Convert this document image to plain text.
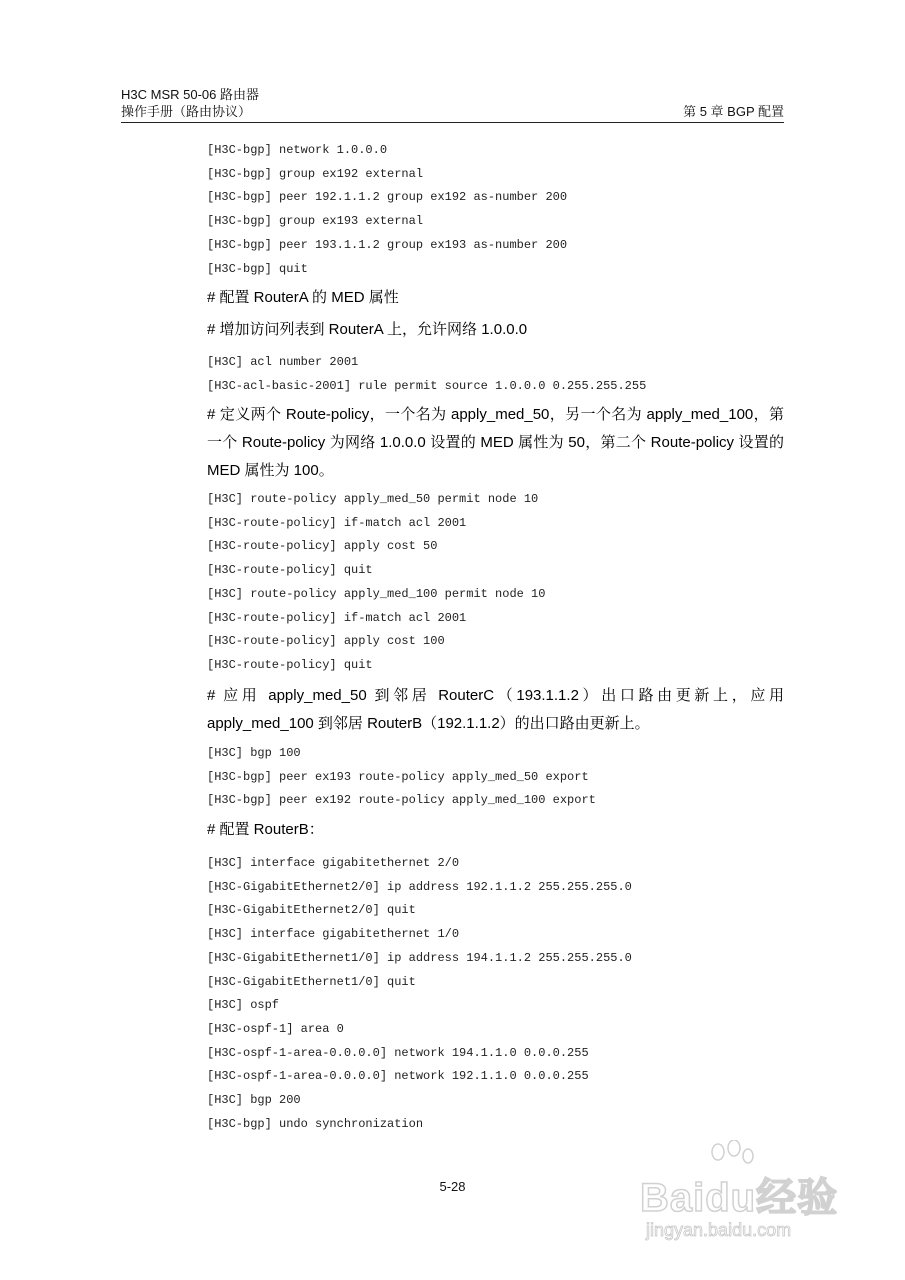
H3C MSR 50-06 路由器
操作手册（路由协议）	第 5 章 BGP 配置
[H3C-bgp] network 1.0.0.0
[H3C-bgp] group ex192 external
[H3C-bgp] peer 192.1.1.2 group ex192 as-number 200
[H3C-bgp] group ex193 external
[H3C-bgp] peer 193.1.1.2 group ex193 as-number 200
[H3C-bgp] quit
# 配置 RouterA 的 MED 属性
# 增加访问列表到 RouterA 上，允许网络 1.0.0.0
[H3C] acl number 2001
[H3C-acl-basic-2001] rule permit source 1.0.0.0 0.255.255.255
# 定义两个 Route-policy，一个名为 apply_med_50，另一个名为 apply_med_100，第一个 Route-policy 为网络 1.0.0.0 设置的 MED 属性为 50，第二个 Route-policy 设置的 MED 属性为 100。
[H3C] route-policy apply_med_50 permit node 10
[H3C-route-policy] if-match acl 2001
[H3C-route-policy] apply cost 50
[H3C-route-policy] quit
[H3C] route-policy apply_med_100 permit node 10
[H3C-route-policy] if-match acl 2001
[H3C-route-policy] apply cost 100
[H3C-route-policy] quit
# 应用 apply_med_50 到邻居 RouterC（193.1.1.2）出口路由更新上，应用 apply_med_100 到邻居 RouterB（192.1.1.2）的出口路由更新上。
[H3C] bgp 100
[H3C-bgp] peer ex193 route-policy apply_med_50 export
[H3C-bgp] peer ex192 route-policy apply_med_100 export
# 配置 RouterB：
[H3C] interface gigabitethernet 2/0
[H3C-GigabitEthernet2/0] ip address 192.1.1.2 255.255.255.0
[H3C-GigabitEthernet2/0] quit
[H3C] interface gigabitethernet 1/0
[H3C-GigabitEthernet1/0] ip address 194.1.1.2 255.255.255.0
[H3C-GigabitEthernet1/0] quit
[H3C] ospf
[H3C-ospf-1] area 0
[H3C-ospf-1-area-0.0.0.0] network 194.1.1.0 0.0.0.255
[H3C-ospf-1-area-0.0.0.0] network 192.1.1.0 0.0.0.255
[H3C] bgp 200
[H3C-bgp] undo synchronization
5-28	Baidu经验
jingyan.baidu.com
